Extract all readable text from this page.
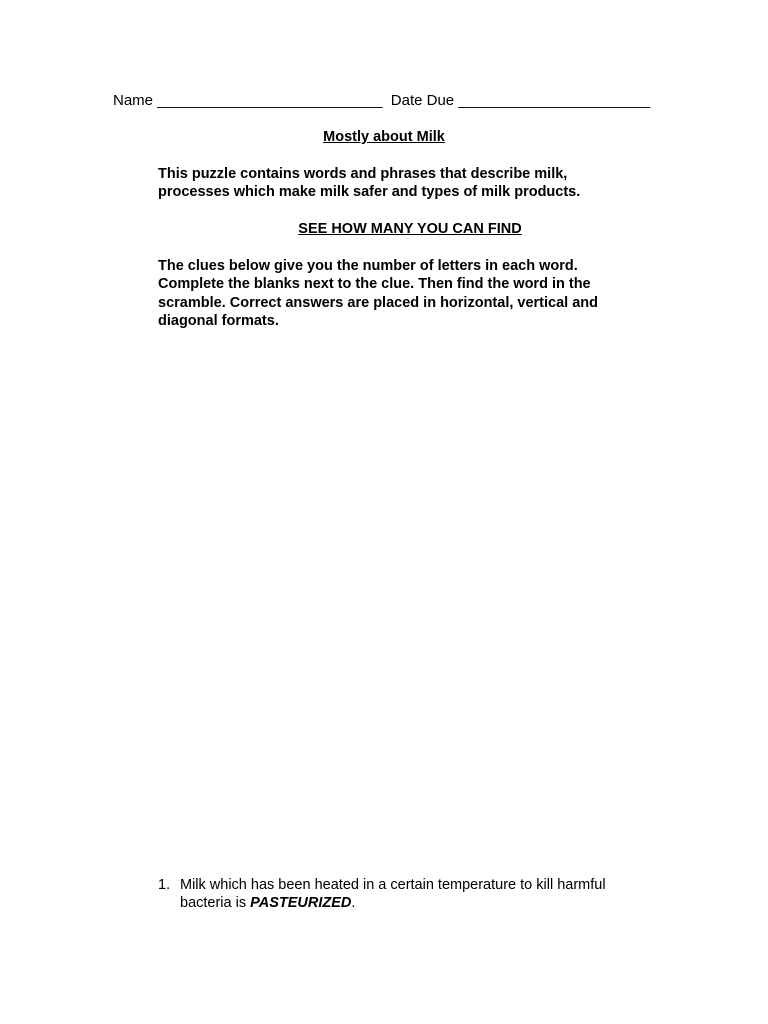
Name ___________________________ Date Due _______________________
Mostly about Milk

This puzzle contains words and phrases that describe milk,

processes which make milk safer and types of milk products.

SEE HOW MANY YOU CAN FIND

The clues below give you the number of letters in each word.

Complete the blanks next to the clue. Then find the word in the

scramble. Correct answers are placed in horizontal, vertical and

diagonal formats.

1. Milk which has been heated in a certain temperature to kill harmful bacteria is PASTEURIZED.
